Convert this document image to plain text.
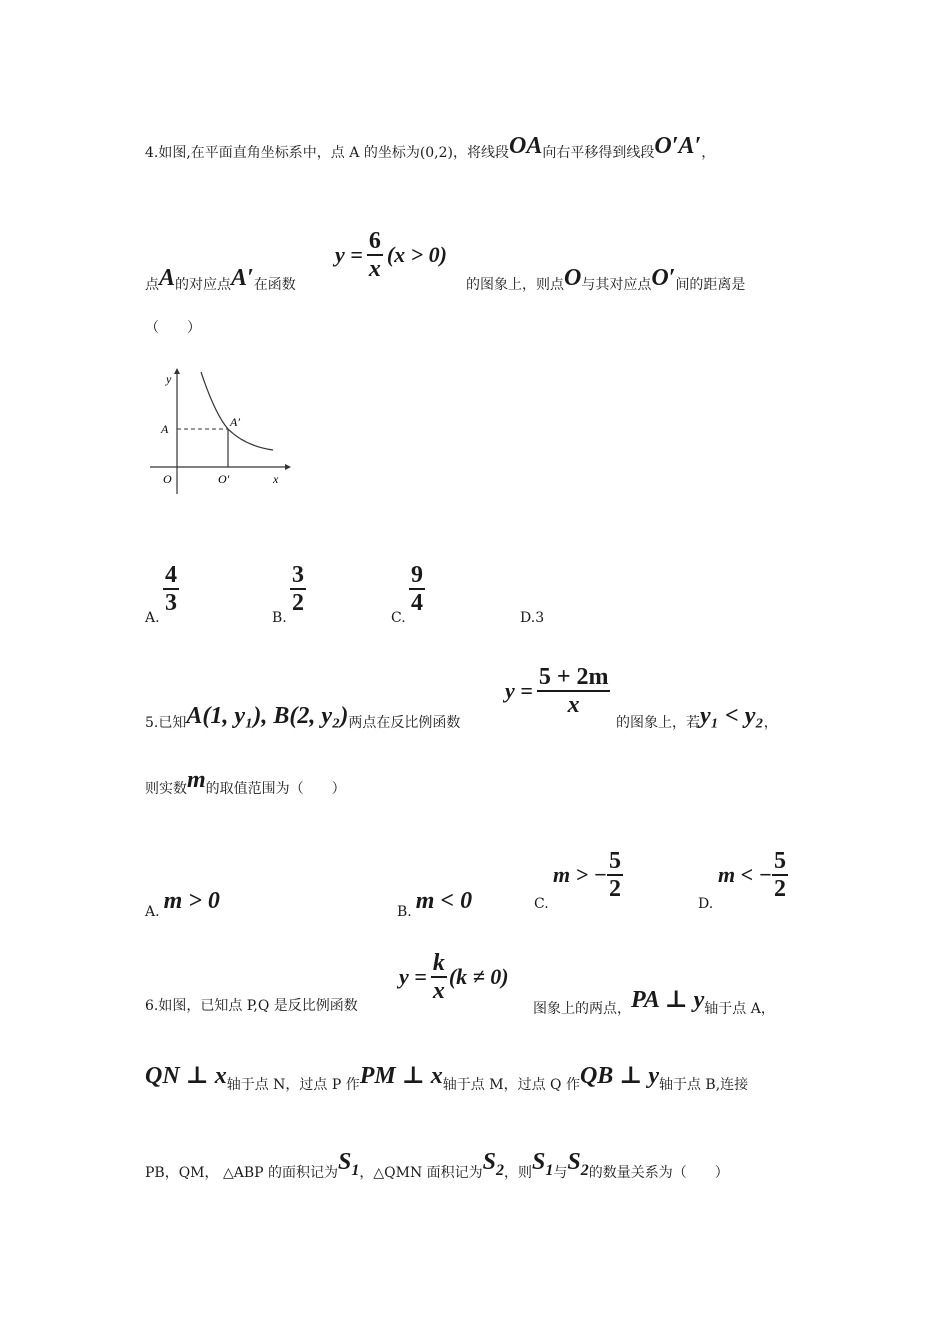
4.如图,在平面直角坐标系中，点 A 的坐标为(0,2)，将线段OA向右平移得到线段O′A′，
点A的对应点A′在函数
$y = \frac{6}{x} (x > 0)$
的图象上，则点O与其对应点O′间的距离是
（　　）
y
A	A′
O	O′	x
A.
4
3
B.
3
2
C.
9
4
D.3
5.已知A(1, y₁), B(2, y₂)两点在反比例函数
$y = \frac{5 + 2m}{x}$
的图象上，若y₁ < y₂，
则实数m的取值范围为（　　）
A. m > 0	B. m < 0	C.
m > − $\frac{5}{2}$
D.
m < − $\frac{5}{2}$
6.如图，已知点 P,Q 是反比例函数
$y = \frac{k}{x} (k \ne 0)$
图象上的两点，PA ⊥ y轴于点 A，
QN ⊥ x轴于点 N，过点 P 作PM ⊥ x轴于点 M，过点 Q 作QB ⊥ y轴于点 B,连接
PB，QM， △ABP 的面积记为$S_1$，△QMN 面积记为$S_2$，则$S_1$与$S_2$的数量关系为（　　）
